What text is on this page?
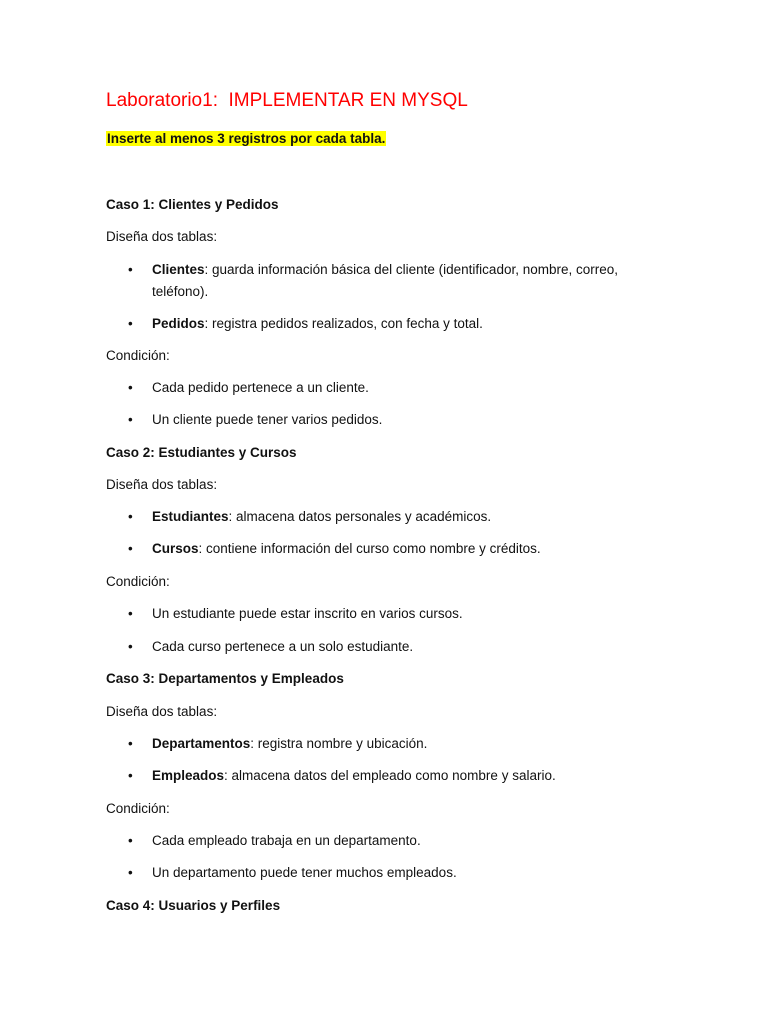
Laboratorio1:  IMPLEMENTAR EN MYSQL
Inserte al menos 3 registros por cada tabla.
Caso 1: Clientes y Pedidos
Diseña dos tablas:
• Clientes: guarda información básica del cliente (identificador, nombre, correo, teléfono).
• Pedidos: registra pedidos realizados, con fecha y total.
Condición:
• Cada pedido pertenece a un cliente.
• Un cliente puede tener varios pedidos.
Caso 2: Estudiantes y Cursos
Diseña dos tablas:
• Estudiantes: almacena datos personales y académicos.
• Cursos: contiene información del curso como nombre y créditos.
Condición:
• Un estudiante puede estar inscrito en varios cursos.
• Cada curso pertenece a un solo estudiante.
Caso 3: Departamentos y Empleados
Diseña dos tablas:
• Departamentos: registra nombre y ubicación.
• Empleados: almacena datos del empleado como nombre y salario.
Condición:
• Cada empleado trabaja en un departamento.
• Un departamento puede tener muchos empleados.
Caso 4: Usuarios y Perfiles
